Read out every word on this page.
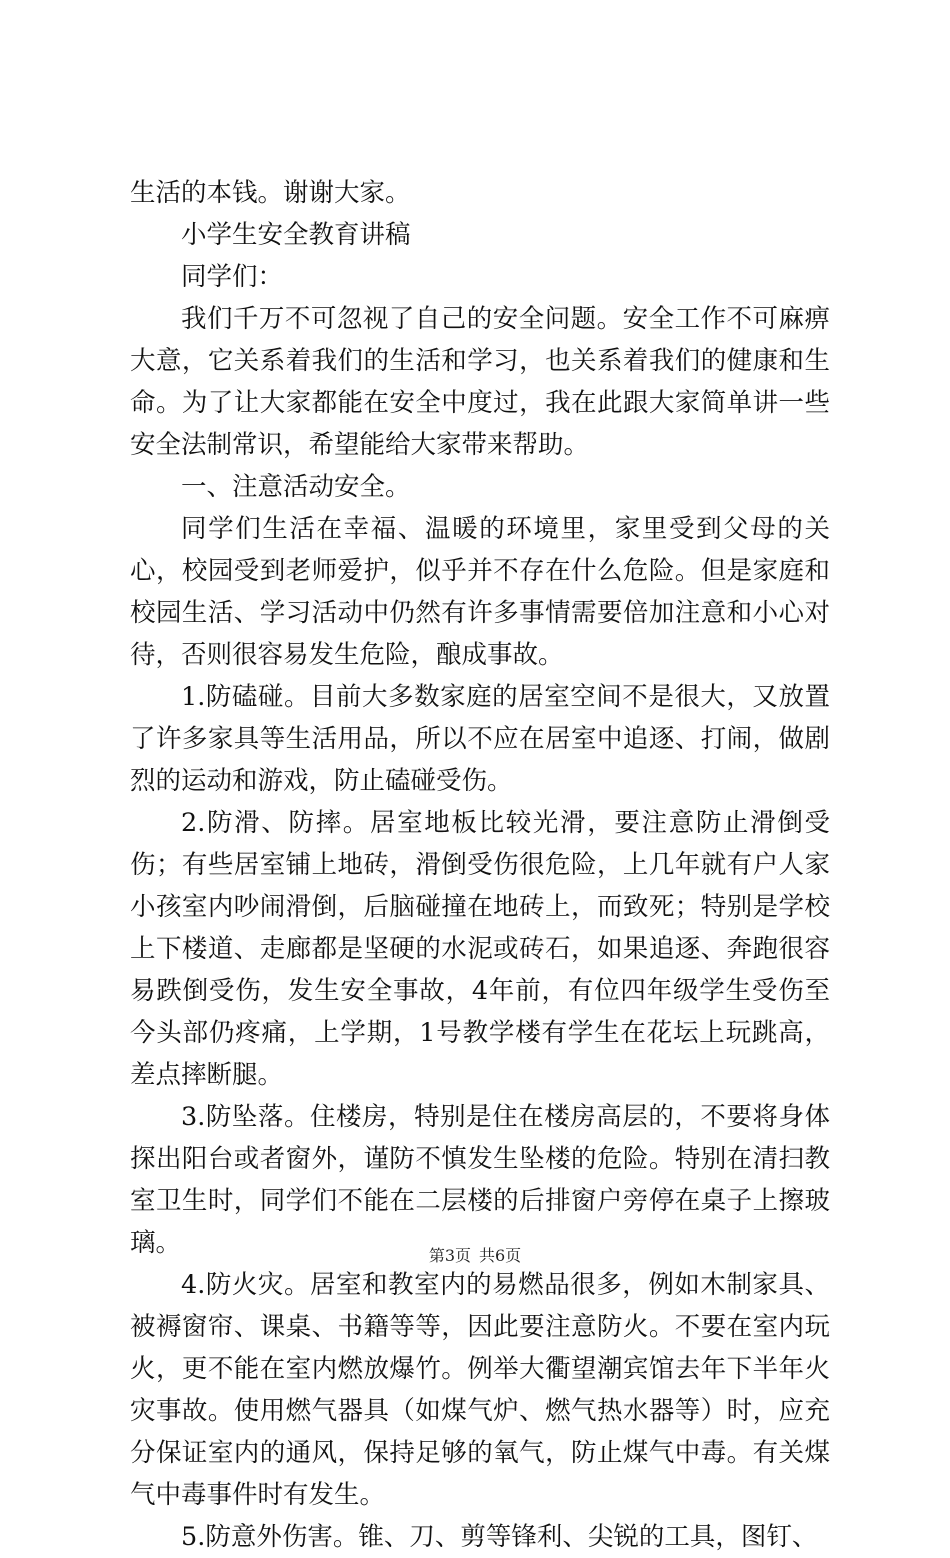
生活的本钱。谢谢大家。

小学生安全教育讲稿

同学们：

我们千万不可忽视了自己的安全问题。安全工作不可麻痹大意，它关系着我们的生活和学习，也关系着我们的健康和生命。为了让大家都能在安全中度过，我在此跟大家简单讲一些安全法制常识，希望能给大家带来帮助。

一、注意活动安全。

同学们生活在幸福、温暖的环境里，家里受到父母的关心，校园受到老师爱护，似乎并不存在什么危险。但是家庭和校园生活、学习活动中仍然有许多事情需要倍加注意和小心对待，否则很容易发生危险，酿成事故。

1.防磕碰。目前大多数家庭的居室空间不是很大，又放置了许多家具等生活用品，所以不应在居室中追逐、打闹，做剧烈的运动和游戏，防止磕碰受伤。

2.防滑、防摔。居室地板比较光滑，要注意防止滑倒受伤；有些居室铺上地砖，滑倒受伤很危险，上几年就有户人家小孩室内吵闹滑倒，后脑碰撞在地砖上，而致死；特别是学校上下楼道、走廊都是坚硬的水泥或砖石，如果追逐、奔跑很容易跌倒受伤，发生安全事故，4年前，有位四年级学生受伤至今头部仍疼痛，上学期，1号教学楼有学生在花坛上玩跳高，差点摔断腿。

3.防坠落。住楼房，特别是住在楼房高层的，不要将身体探出阳台或者窗外，谨防不慎发生坠楼的危险。特别在清扫教室卫生时，同学们不能在二层楼的后排窗户旁停在桌子上擦玻璃。

4.防火灾。居室和教室内的易燃品很多，例如木制家具、被褥窗帘、课桌、书籍等等，因此要注意防火。不要在室内玩火，更不能在室内燃放爆竹。例举大衢望潮宾馆去年下半年火灾事故。使用燃气器具（如煤气炉、燃气热水器等）时，应充分保证室内的通风，保持足够的氧气，防止煤气中毒。有关煤气中毒事件时有发生。

5.防意外伤害。锥、刀、剪等锋利、尖锐的工具，图钉、

第3页 共6页
